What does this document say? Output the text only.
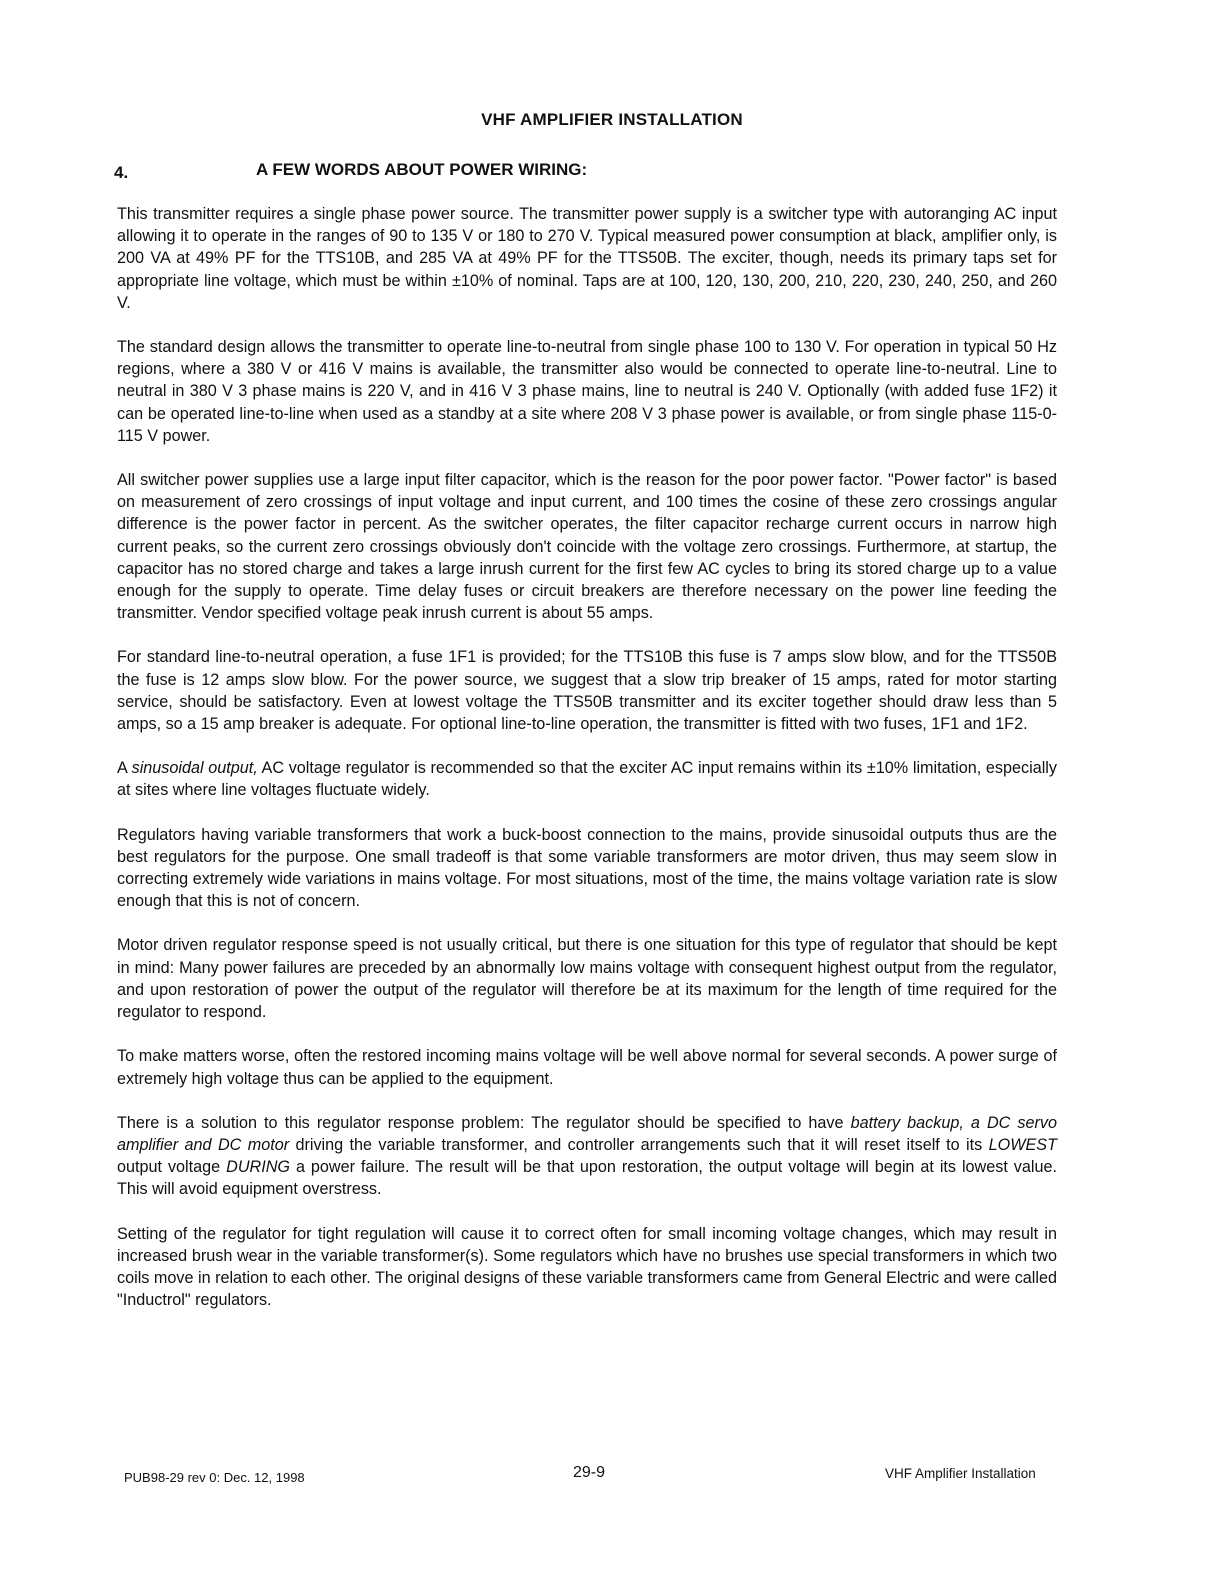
VHF AMPLIFIER INSTALLATION
4.	A FEW WORDS ABOUT POWER WIRING:

This transmitter requires a single phase power source. The transmitter power supply is a switcher type with autoranging AC input allowing it to operate in the ranges of 90 to 135 V or 180 to 270 V. Typical measured power consumption at black, amplifier only, is 200 VA at 49% PF for the TTS10B, and 285 VA at 49% PF for the TTS50B. The exciter, though, needs its primary taps set for appropriate line voltage, which must be within ±10% of nominal. Taps are at 100, 120, 130, 200, 210, 220, 230, 240, 250, and 260 V.

The standard design allows the transmitter to operate line-to-neutral from single phase 100 to 130 V. For operation in typical 50 Hz regions, where a 380 V or 416 V mains is available, the transmitter also would be connected to operate line-to-neutral. Line to neutral in 380 V 3 phase mains is 220 V, and in 416 V 3 phase mains, line to neutral is 240 V. Optionally (with added fuse 1F2) it can be operated line-to-line when used as a standby at a site where 208 V 3 phase power is available, or from single phase 115-0-115 V power.

All switcher power supplies use a large input filter capacitor, which is the reason for the poor power factor. "Power factor" is based on measurement of zero crossings of input voltage and input current, and 100 times the cosine of these zero crossings angular difference is the power factor in percent. As the switcher operates, the filter capacitor recharge current occurs in narrow high current peaks, so the current zero crossings obviously don't coincide with the voltage zero crossings. Furthermore, at startup, the capacitor has no stored charge and takes a large inrush current for the first few AC cycles to bring its stored charge up to a value enough for the supply to operate. Time delay fuses or circuit breakers are therefore necessary on the power line feeding the transmitter. Vendor specified voltage peak inrush current is about 55 amps.

For standard line-to-neutral operation, a fuse 1F1 is provided; for the TTS10B this fuse is 7 amps slow blow, and for the TTS50B the fuse is 12 amps slow blow. For the power source, we suggest that a slow trip breaker of 15 amps, rated for motor starting service, should be satisfactory. Even at lowest voltage the TTS50B transmitter and its exciter together should draw less than 5 amps, so a 15 amp breaker is adequate. For optional line-to-line operation, the transmitter is fitted with two fuses, 1F1 and 1F2.

A sinusoidal output, AC voltage regulator is recommended so that the exciter AC input remains within its ±10% limitation, especially at sites where line voltages fluctuate widely.

Regulators having variable transformers that work a buck-boost connection to the mains, provide sinusoidal outputs thus are the best regulators for the purpose. One small tradeoff is that some variable transformers are motor driven, thus may seem slow in correcting extremely wide variations in mains voltage. For most situations, most of the time, the mains voltage variation rate is slow enough that this is not of concern.

Motor driven regulator response speed is not usually critical, but there is one situation for this type of regulator that should be kept in mind: Many power failures are preceded by an abnormally low mains voltage with consequent highest output from the regulator, and upon restoration of power the output of the regulator will therefore be at its maximum for the length of time required for the regulator to respond.

To make matters worse, often the restored incoming mains voltage will be well above normal for several seconds. A power surge of extremely high voltage thus can be applied to the equipment.

There is a solution to this regulator response problem: The regulator should be specified to have battery backup, a DC servo amplifier and DC motor driving the variable transformer, and controller arrangements such that it will reset itself to its LOWEST output voltage DURING a power failure. The result will be that upon restoration, the output voltage will begin at its lowest value. This will avoid equipment overstress.

Setting of the regulator for tight regulation will cause it to correct often for small incoming voltage changes, which may result in increased brush wear in the variable transformer(s). Some regulators which have no brushes use special transformers in which two coils move in relation to each other. The original designs of these variable transformers came from General Electric and were called "Inductrol" regulators.

PUB98-29 rev 0: Dec. 12, 1998	29-9	VHF Amplifier Installation
